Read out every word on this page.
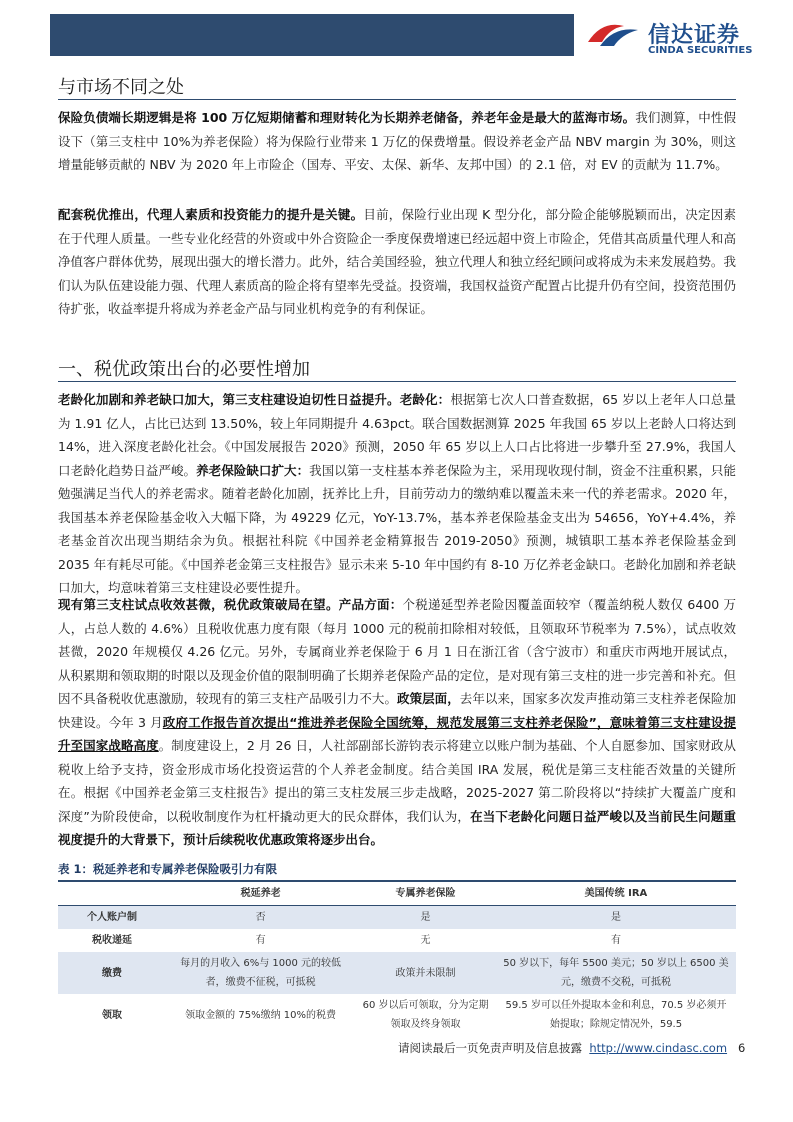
信达证券
CINDA SECURITIES
与市场不同之处
保险负债端长期逻辑是将 100 万亿短期储蓄和理财转化为长期养老储备，养老年金是最大的蓝海市场。我们测算，中性假设下（第三支柱中 10%为养老保险）将为保险行业带来 1 万亿的保费增量。假设养老金产品 NBV margin 为 30%，则这增量能够贡献的 NBV 为 2020 年上市险企（国寿、平安、太保、新华、友邦中国）的 2.1 倍，对 EV 的贡献为 11.7%。
配套税优推出，代理人素质和投资能力的提升是关键。目前，保险行业出现 K 型分化，部分险企能够脱颖而出，决定因素在于代理人质量。一些专业化经营的外资或中外合资险企一季度保费增速已经远超中资上市险企，凭借其高质量代理人和高净值客户群体优势，展现出强大的增长潜力。此外，结合美国经验，独立代理人和独立经纪顾问或将成为未来发展趋势。我们认为队伍建设能力强、代理人素质高的险企将有望率先受益。投资端，我国权益资产配置占比提升仍有空间，投资范围仍待扩张，收益率提升将成为养老金产品与同业机构竞争的有利保证。
一、税优政策出台的必要性增加
老龄化加剧和养老缺口加大，第三支柱建设迫切性日益提升。老龄化：根据第七次人口普查数据，65 岁以上老年人口总量为 1.91 亿人，占比已达到 13.50%，较上年同期提升 4.63pct。联合国数据测算 2025 年我国 65 岁以上老龄人口将达到 14%，进入深度老龄化社会。《中国发展报告 2020》预测，2050 年 65 岁以上人口占比将进一步攀升至 27.9%，我国人口老龄化趋势日益严峻。养老保险缺口扩大：我国以第一支柱基本养老保险为主，采用现收现付制，资金不注重积累，只能勉强满足当代人的养老需求。随着老龄化加剧，抚养比上升，目前劳动力的缴纳难以覆盖未来一代的养老需求。2020 年，我国基本养老保险基金收入大幅下降，为 49229 亿元，YoY-13.7%，基本养老保险基金支出为 54656，YoY+4.4%，养老基金首次出现当期结余为负。根据社科院《中国养老金精算报告 2019-2050》预测，城镇职工基本养老保险基金到 2035 年有耗尽可能。《中国养老金第三支柱报告》显示未来 5-10 年中国约有 8-10 万亿养老金缺口。老龄化加剧和养老缺口加大，均意味着第三支柱建设必要性提升。
现有第三支柱试点收效甚微，税优政策破局在望。产品方面：个税递延型养老险因覆盖面较窄（覆盖纳税人数仅 6400 万人，占总人数的 4.6%）且税收优惠力度有限（每月 1000 元的税前扣除相对较低，且领取环节税率为 7.5%），试点收效甚微，2020 年规模仅 4.26 亿元。另外，专属商业养老保险于 6 月 1 日在浙江省（含宁波市）和重庆市两地开展试点，从积累期和领取期的时限以及现金价值的限制明确了长期养老保险产品的定位，是对现有第三支柱的进一步完善和补充。但因不具备税收优惠激励，较现有的第三支柱产品吸引力不大。政策层面，去年以来，国家多次发声推动第三支柱养老保险加快建设。今年 3 月政府工作报告首次提出“推进养老保险全国统筹，规范发展第三支柱养老保险”，意味着第三支柱建设提升至国家战略高度。制度建设上，2 月 26 日，人社部副部长游钧表示将建立以账户制为基础、个人自愿参加、国家财政从税收上给予支持，资金形成市场化投资运营的个人养老金制度。结合美国 IRA 发展，税优是第三支柱能否效量的关键所在。根据《中国养老金第三支柱报告》提出的第三支柱发展三步走战略，2025-2027 第二阶段将以“持续扩大覆盖广度和深度”为阶段使命，以税收制度作为杠杆撬动更大的民众群体，我们认为，在当下老龄化问题日益严峻以及当前民生问题重视度提升的大背景下，预计后续税收优惠政策将逐步出台。
表 1：税延养老和专属养老保险吸引力有限
	税延养老	专属养老保险	美国传统 IRA
个人账户制	否	是	是
税收递延	有	无	有
缴费	每月的月收入 6%与 1000 元的较低者，缴费不征税，可抵税	政策并未限制	50 岁以下，每年 5500 美元；50 岁以上 6500 美元，缴费不交税，可抵税
领取	领取金额的 75%缴纳 10%的税费	60 岁以后可领取，分为定期领取及终身领取	59.5 岁可以任外提取本金和利息，70.5 岁必须开始提取；除规定情况外，59.5
请阅读最后一页免责声明及信息披露 http://www.cindasc.com 6
